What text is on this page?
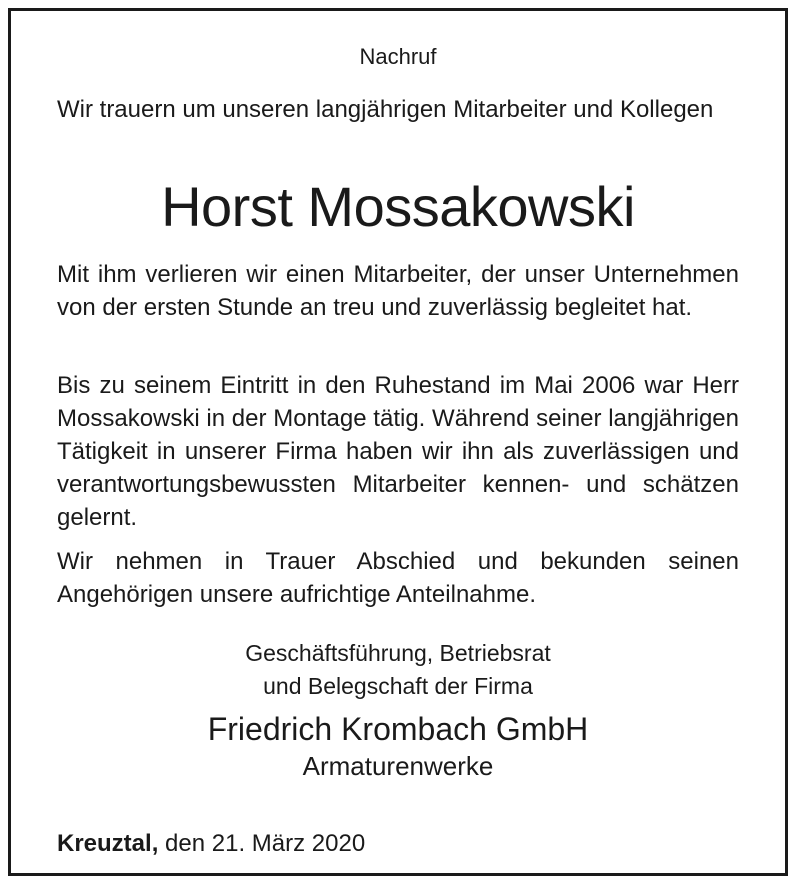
Nachruf
Wir trauern um unseren langjährigen Mitarbeiter und Kollegen
Horst Mossakowski
Mit ihm verlieren wir einen Mitarbeiter, der unser Unternehmen von der ersten Stunde an treu und zuverlässig begleitet hat.
Bis zu seinem Eintritt in den Ruhestand im Mai 2006 war Herr Mossakowski in der Montage tätig. Während seiner langjährigen Tätigkeit in unserer Firma haben wir ihn als zuverlässigen und verantwortungsbewussten Mitarbeiter kennen- und schätzen gelernt.
Wir nehmen in Trauer Abschied und bekunden seinen Angehörigen unsere aufrichtige Anteilnahme.
Geschäftsführung, Betriebsrat
und Belegschaft der Firma
Friedrich Krombach GmbH
Armaturenwerke
Kreuztal, den 21. März 2020
